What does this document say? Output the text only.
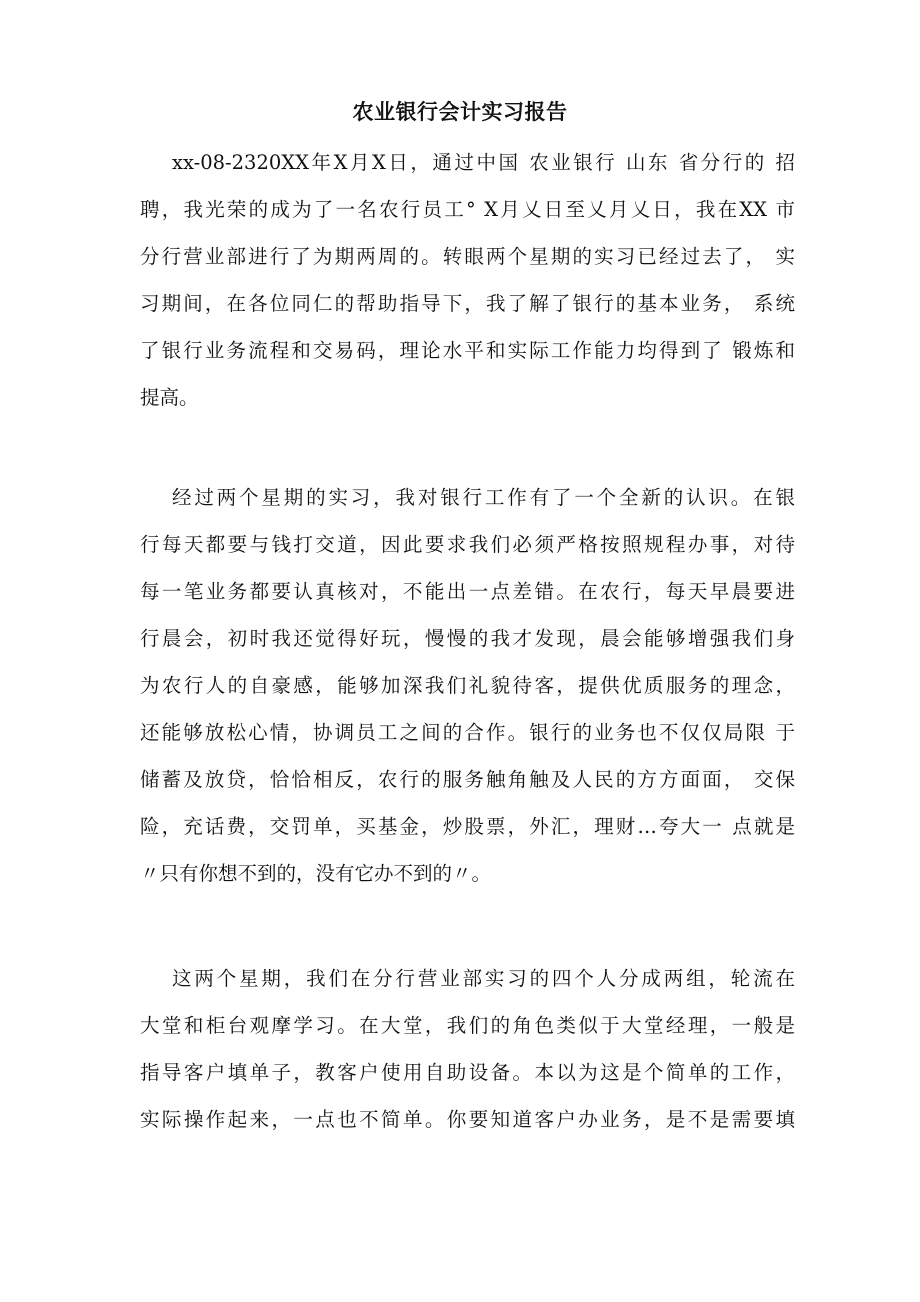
农业银行会计实习报告
xx-08-2320XX年X月X日，通过中国 农业银行 山东 省分行的 招
聘，我光荣的成为了一名农行员工° X月乂日至乂月乂日，我在XX 市
分行营业部进行了为期两周的。转眼两个星期的实习已经过去了， 实
习期间，在各位同仁的帮助指导下，我了解了银行的基本业务， 系统
了银行业务流程和交易码，理论水平和实际工作能力均得到了 锻炼和
提高。
经过两个星期的实习，我对银行工作有了一个全新的认识。在银
行每天都要与钱打交道，因此要求我们必须严格按照规程办事，对待
每一笔业务都要认真核对，不能出一点差错。在农行，每天早晨要进
行晨会，初时我还觉得好玩，慢慢的我才发现，晨会能够增强我们身
为农行人的自豪感，能够加深我们礼貌待客，提供优质服务的理念，
还能够放松心情，协调员工之间的合作。银行的业务也不仅仅局限 于
储蓄及放贷，恰恰相反，农行的服务触角触及人民的方方面面， 交保
险，充话费，交罚单，买基金，炒股票，外汇，理财…夸大一 点就是
〃只有你想不到的，没有它办不到的〃。
这两个星期，我们在分行营业部实习的四个人分成两组，轮流在
大堂和柜台观摩学习。在大堂，我们的角色类似于大堂经理，一般是
指导客户填单子，教客户使用自助设备。本以为这是个简单的工作，
实际操作起来，一点也不简单。你要知道客户办业务，是不是需要填
